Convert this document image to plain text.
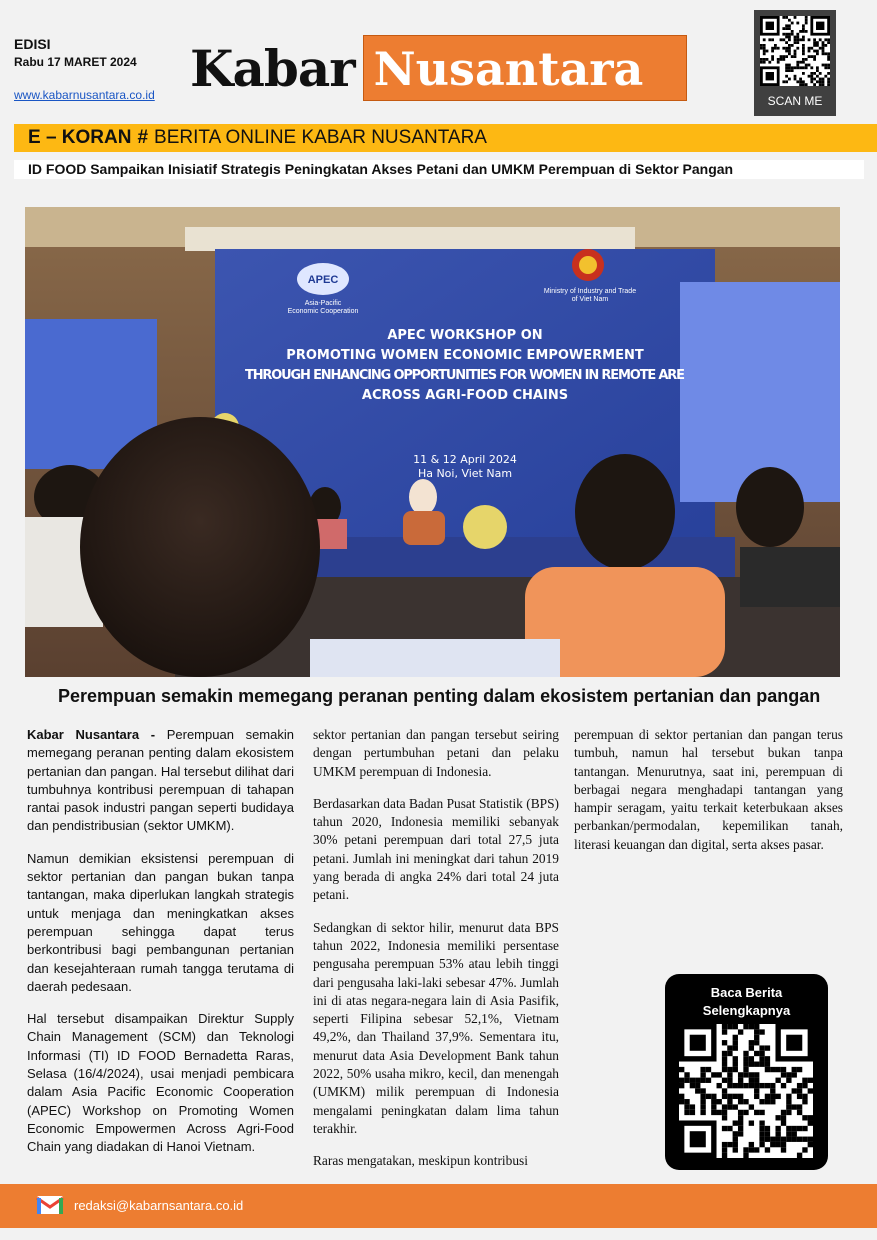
EDISI
Rabu 17 MARET 2024
www.kabarnusantara.co.id Kabar Nusantara
SCAN ME
E – KORAN # BERITA ONLINE KABAR NUSANTARA
ID FOOD Sampaikan Inisiatif Strategis Peningkatan Akses Petani dan UMKM Perempuan di Sektor Pangan
APEC
Asia-Pacific
Economic Cooperation
Ministry of Industry and Trade
of Viet Nam
APEC WORKSHOP ON
PROMOTING WOMEN ECONOMIC EMPOWERMENT
THROUGH ENHANCING OPPORTUNITIES FOR WOMEN IN REMOTE ARE
ACROSS AGRI-FOOD CHAINS
11 & 12 April 2024
Ha Noi, Viet Nam
Perempuan semakin memegang peranan penting dalam ekosistem pertanian dan pangan

Kabar Nusantara - Perempuan semakin memegang peranan penting dalam ekosistem pertanian dan pangan. Hal tersebut dilihat dari tumbuhnya kontribusi perempuan di tahapan rantai pasok industri pangan seperti budidaya dan pendistribusian (sektor UMKM).

Namun demikian eksistensi perempuan di sektor pertanian dan pangan bukan tanpa tantangan, maka diperlukan langkah strategis untuk menjaga dan meningkatkan akses perempuan sehingga dapat terus berkontribusi bagi pembangunan pertanian dan kesejahteraan rumah tangga terutama di daerah pedesaan.

Hal tersebut disampaikan Direktur Supply Chain Management (SCM) dan Teknologi Informasi (TI) ID FOOD Bernadetta Raras, Selasa (16/4/2024), usai menjadi pembicara dalam Asia Pacific Economic Cooperation (APEC) Workshop on Promoting Women Economic Empowermen Across Agri-Food Chain yang diadakan di Hanoi Vietnam.

sektor pertanian dan pangan tersebut seiring dengan pertumbuhan petani dan pelaku UMKM perempuan di Indonesia.

Berdasarkan data Badan Pusat Statistik (BPS) tahun 2020, Indonesia memiliki sebanyak 30% petani perempuan dari total 27,5 juta petani. Jumlah ini meningkat dari tahun 2019 yang berada di angka 24% dari total 24 juta petani.

Sedangkan di sektor hilir, menurut data BPS tahun 2022, Indonesia memiliki persentase pengusaha perempuan 53% atau lebih tinggi dari pengusaha laki-laki sebesar 47%. Jumlah ini di atas negara-negara lain di Asia Pasifik, seperti Filipina sebesar 52,1%, Vietnam 49,2%, dan Thailand 37,9%. Sementara itu, menurut data Asia Development Bank tahun 2022, 50% usaha mikro, kecil, dan menengah (UMKM) milik perempuan di Indonesia mengalami peningkatan dalam lima tahun terakhir.

Raras mengatakan, meskipun kontribusi

perempuan di sektor pertanian dan pangan terus tumbuh, namun hal tersebut bukan tanpa tantangan. Menurutnya, saat ini, perempuan di berbagai negara menghadapi tantangan yang hampir seragam, yaitu terkait keterbukaan akses perbankan/permodalan, kepemilikan tanah, literasi keuangan dan digital, serta akses pasar.

Baca Berita
Selengkapnya
redaksi@kabarnsantara.co.id
